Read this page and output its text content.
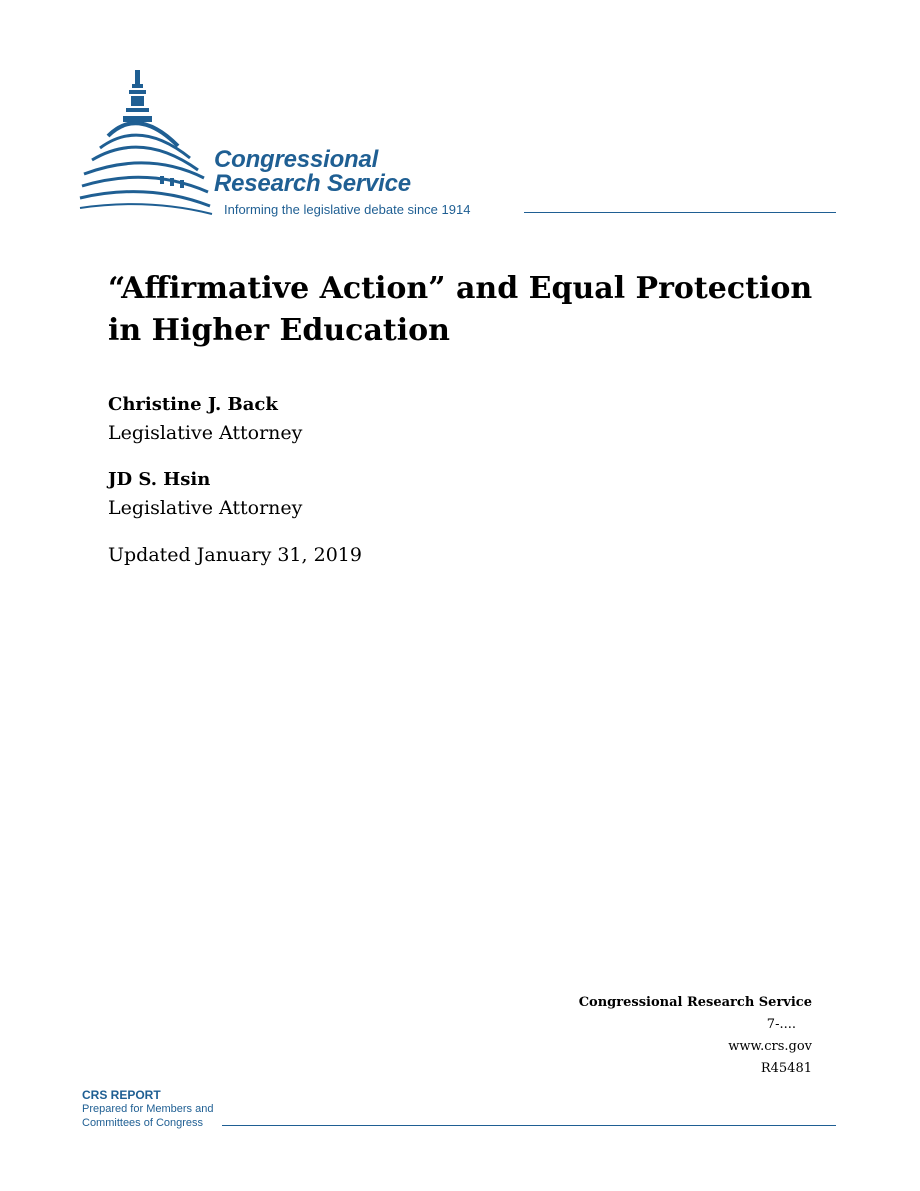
Congressional
Research Service
Informing the legislative debate since 1914
“Affirmative Action” and Equal Protection in Higher Education
Christine J. Back
Legislative Attorney
JD S. Hsin
Legislative Attorney
Updated January 31, 2019
Congressional Research Service
7-....
www.crs.gov
R45481
CRS REPORT
Prepared for Members and
Committees of Congress
